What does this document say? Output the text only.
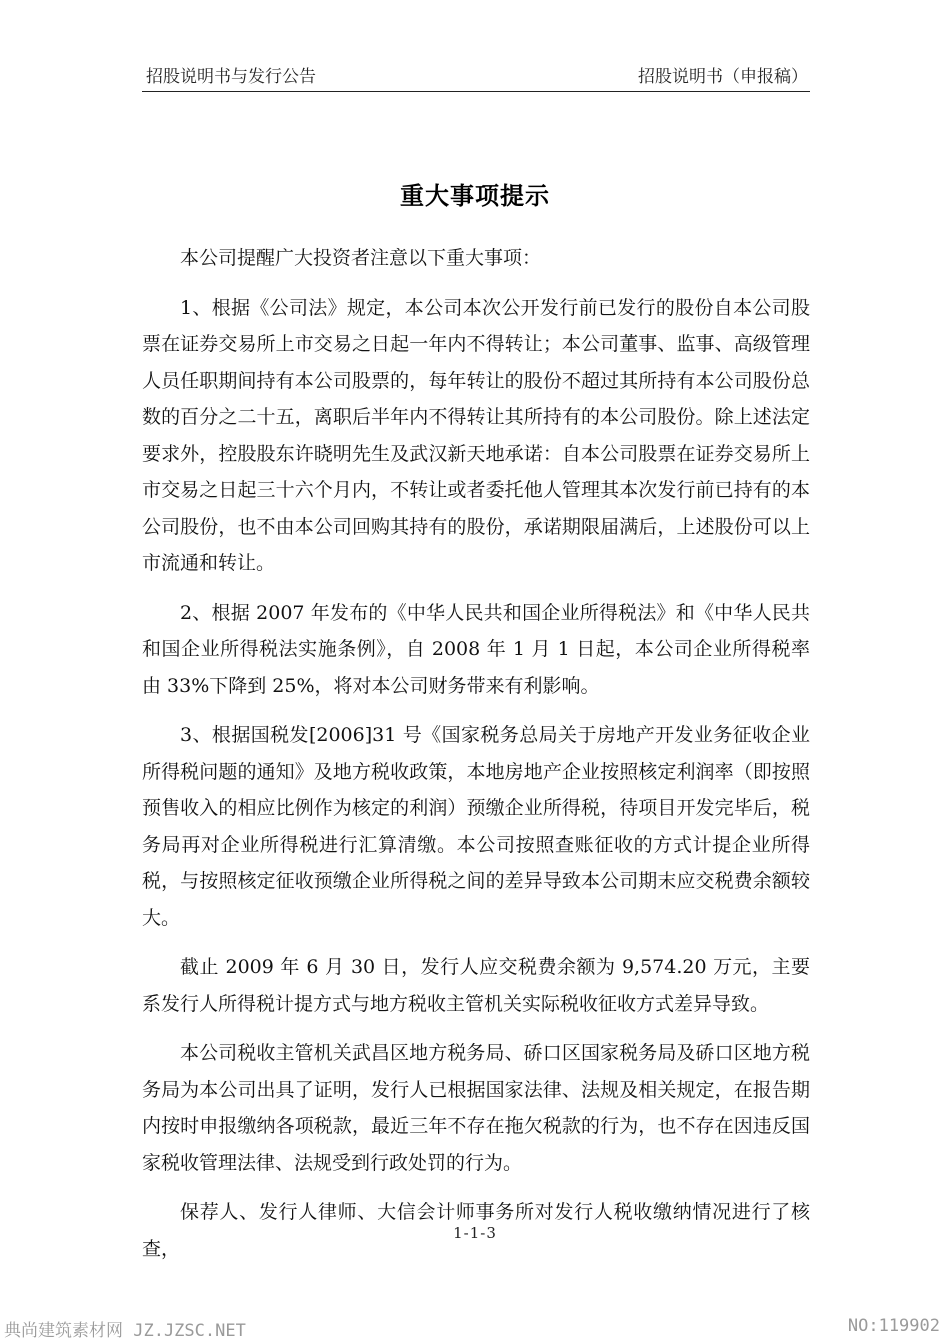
招股说明书与发行公告	招股说明书（申报稿）
重大事项提示

本公司提醒广大投资者注意以下重大事项：

1、根据《公司法》规定，本公司本次公开发行前已发行的股份自本公司股票在证券交易所上市交易之日起一年内不得转让；本公司董事、监事、高级管理人员任职期间持有本公司股票的，每年转让的股份不超过其所持有本公司股份总数的百分之二十五，离职后半年内不得转让其所持有的本公司股份。除上述法定要求外，控股股东许晓明先生及武汉新天地承诺：自本公司股票在证券交易所上市交易之日起三十六个月内，不转让或者委托他人管理其本次发行前已持有的本公司股份，也不由本公司回购其持有的股份，承诺期限届满后，上述股份可以上市流通和转让。

2、根据 2007 年发布的《中华人民共和国企业所得税法》和《中华人民共和国企业所得税法实施条例》，自 2008 年 1 月 1 日起，本公司企业所得税率由 33%下降到 25%，将对本公司财务带来有利影响。

3、根据国税发[2006]31 号《国家税务总局关于房地产开发业务征收企业所得税问题的通知》及地方税收政策，本地房地产企业按照核定利润率（即按照预售收入的相应比例作为核定的利润）预缴企业所得税，待项目开发完毕后，税务局再对企业所得税进行汇算清缴。本公司按照查账征收的方式计提企业所得税，与按照核定征收预缴企业所得税之间的差异导致本公司期末应交税费余额较大。

截止 2009 年 6 月 30 日，发行人应交税费余额为 9,574.20 万元，主要系发行人所得税计提方式与地方税收主管机关实际税收征收方式差异导致。

本公司税收主管机关武昌区地方税务局、硚口区国家税务局及硚口区地方税务局为本公司出具了证明，发行人已根据国家法律、法规及相关规定，在报告期内按时申报缴纳各项税款，最近三年不存在拖欠税款的行为，也不存在因违反国家税收管理法律、法规受到行政处罚的行为。

保荐人、发行人律师、大信会计师事务所对发行人税收缴纳情况进行了核查，

1-1-3
典尚建筑素材网 JZ.JZSC.NET	NO:119902
